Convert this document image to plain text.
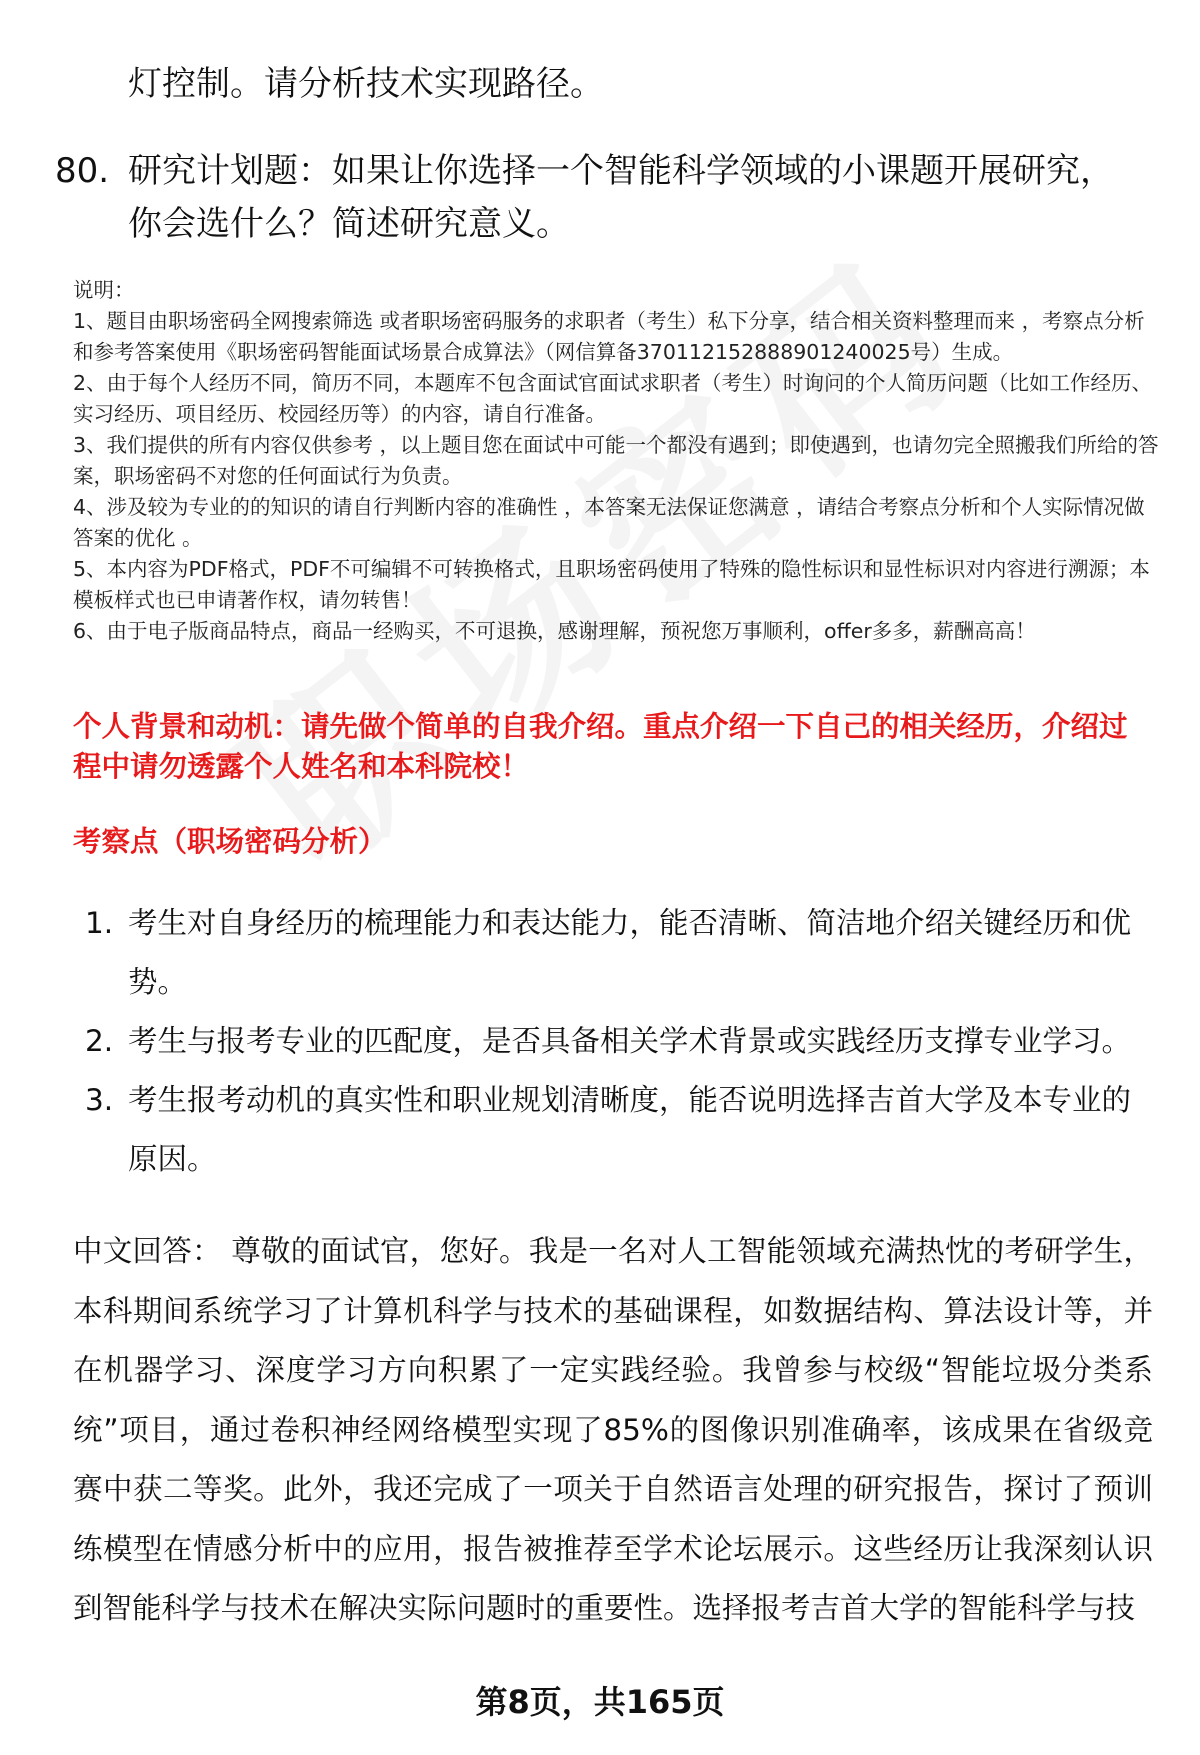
灯控制。请分析技术实现路径。
80. 研究计划题：如果让你选择一个智能科学领域的小课题开展研究，你会选什么？简述研究意义。

说明：

1、题目由职场密码全网搜索筛选 或者职场密码服务的求职者（考生）私下分享，结合相关资料整理而来 ，考察点分析和参考答案使用《职场密码智能面试场景合成算法》（网信算备370112152888901240025号）生成。

2、由于每个人经历不同，简历不同，本题库不包含面试官面试求职者（考生）时询问的个人简历问题（比如工作经历、实习经历、项目经历、校园经历等）的内容，请自行准备。

3、我们提供的所有内容仅供参考 ，以上题目您在面试中可能一个都没有遇到；即使遇到，也请勿完全照搬我们所给的答案，职场密码不对您的任何面试行为负责。

4、涉及较为专业的的知识的请自行判断内容的准确性 ，本答案无法保证您满意 ，请结合考察点分析和个人实际情况做答案的优化 。

5、本内容为PDF格式，PDF不可编辑不可转换格式，且职场密码使用了特殊的隐性标识和显性标识对内容进行溯源；本模板样式也已申请著作权，请勿转售！

6、由于电子版商品特点，商品一经购买，不可退换，感谢理解，预祝您万事顺利，offer多多，薪酬高高！

个人背景和动机：请先做个简单的自我介绍。重点介绍一下自己的相关经历，介绍过程中请勿透露个人姓名和本科院校！
考察点（职场密码分析）
1. 考生对自身经历的梳理能力和表达能力，能否清晰、简洁地介绍关键经历和优势。
2. 考生与报考专业的匹配度，是否具备相关学术背景或实践经历支撑专业学习。
3. 考生报考动机的真实性和职业规划清晰度，能否说明选择吉首大学及本专业的原因。
中文回答： 尊敬的面试官，您好。我是一名对人工智能领域充满热忱的考研学生，本科期间系统学习了计算机科学与技术的基础课程，如数据结构、算法设计等，并在机器学习、深度学习方向积累了一定实践经验。我曾参与校级“智能垃圾分类系统”项目，通过卷积神经网络模型实现了85%的图像识别准确率，该成果在省级竞赛中获二等奖。此外，我还完成了一项关于自然语言处理的研究报告，探讨了预训练模型在情感分析中的应用，报告被推荐至学术论坛展示。这些经历让我深刻认识到智能科学与技术在解决实际问题时的重要性。选择报考吉首大学的智能科学与技
第8页，共165页
